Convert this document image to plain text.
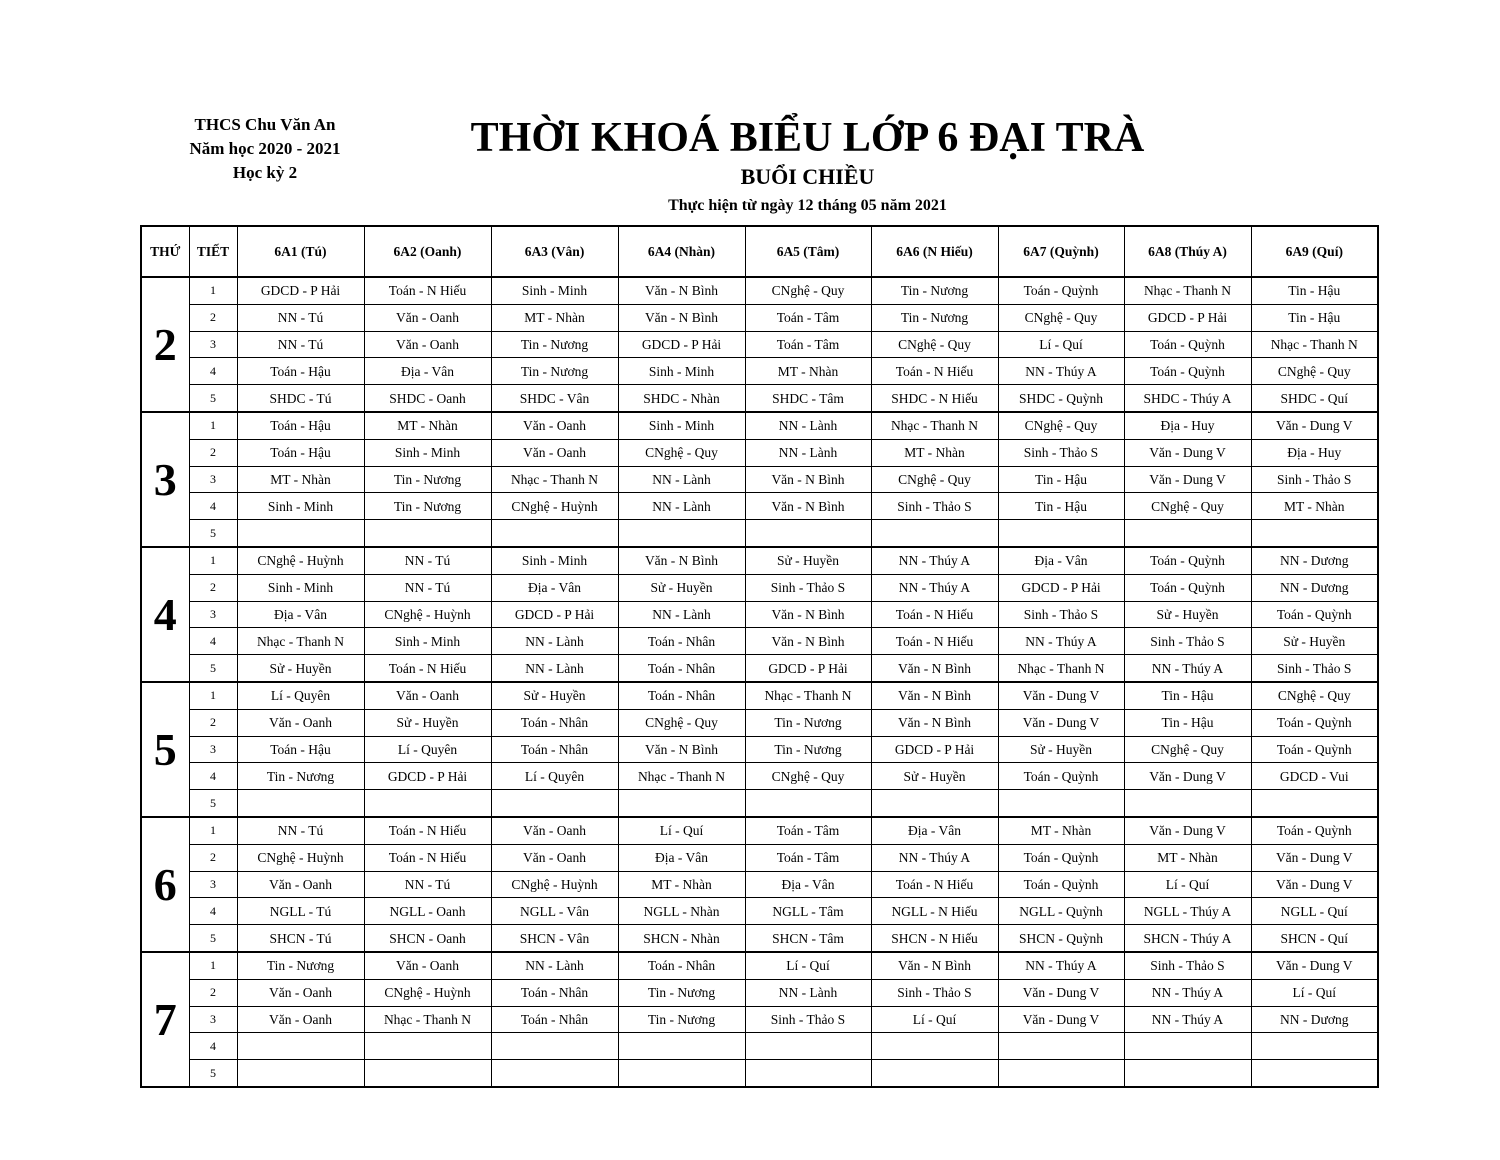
THCS Chu Văn An
Năm học 2020 - 2021
Học kỳ 2
THỜI KHOÁ BIỂU LỚP 6 ĐẠI TRÀ
BUỔI CHIỀU
Thực hiện từ ngày 12 tháng 05 năm 2021
THỨ	TIẾT	6A1 (Tú)	6A2 (Oanh)	6A3 (Vân)	6A4 (Nhàn)	6A5 (Tâm)	6A6 (N Hiếu)	6A7 (Quỳnh)	6A8 (Thúy A)	6A9 (Quí)
2	1	GDCD - P Hải	Toán - N Hiếu	Sinh - Minh	Văn - N Bình	CNghệ - Quy	Tin - Nương	Toán - Quỳnh	Nhạc - Thanh N	Tin - Hậu
	2	NN - Tú	Văn - Oanh	MT - Nhàn	Văn - N Bình	Toán - Tâm	Tin - Nương	CNghệ - Quy	GDCD - P Hải	Tin - Hậu
	3	NN - Tú	Văn - Oanh	Tin - Nương	GDCD - P Hải	Toán - Tâm	CNghệ - Quy	Lí - Quí	Toán - Quỳnh	Nhạc - Thanh N
	4	Toán - Hậu	Địa - Vân	Tin - Nương	Sinh - Minh	MT - Nhàn	Toán - N Hiếu	NN - Thúy A	Toán - Quỳnh	CNghệ - Quy
	5	SHDC - Tú	SHDC - Oanh	SHDC - Vân	SHDC - Nhàn	SHDC - Tâm	SHDC - N Hiếu	SHDC - Quỳnh	SHDC - Thúy A	SHDC - Quí
3	1	Toán - Hậu	MT - Nhàn	Văn - Oanh	Sinh - Minh	NN - Lành	Nhạc - Thanh N	CNghệ - Quy	Địa - Huy	Văn - Dung V
	2	Toán - Hậu	Sinh - Minh	Văn - Oanh	CNghệ - Quy	NN - Lành	MT - Nhàn	Sinh - Thảo S	Văn - Dung V	Địa - Huy
	3	MT - Nhàn	Tin - Nương	Nhạc - Thanh N	NN - Lành	Văn - N Bình	CNghệ - Quy	Tin - Hậu	Văn - Dung V	Sinh - Thảo S
	4	Sinh - Minh	Tin - Nương	CNghệ - Huỳnh	NN - Lành	Văn - N Bình	Sinh - Thảo S	Tin - Hậu	CNghệ - Quy	MT - Nhàn
	5									
4	1	CNghệ - Huỳnh	NN - Tú	Sinh - Minh	Văn - N Bình	Sử - Huyền	NN - Thúy A	Địa - Vân	Toán - Quỳnh	NN - Dương
	2	Sinh - Minh	NN - Tú	Địa - Vân	Sử - Huyền	Sinh - Thảo S	NN - Thúy A	GDCD - P Hải	Toán - Quỳnh	NN - Dương
	3	Địa - Vân	CNghệ - Huỳnh	GDCD - P Hải	NN - Lành	Văn - N Bình	Toán - N Hiếu	Sinh - Thảo S	Sử - Huyền	Toán - Quỳnh
	4	Nhạc - Thanh N	Sinh - Minh	NN - Lành	Toán - Nhân	Văn - N Bình	Toán - N Hiếu	NN - Thúy A	Sinh - Thảo S	Sử - Huyền
	5	Sử - Huyền	Toán - N Hiếu	NN - Lành	Toán - Nhân	GDCD - P Hải	Văn - N Bình	Nhạc - Thanh N	NN - Thúy A	Sinh - Thảo S
5	1	Lí - Quyên	Văn - Oanh	Sử - Huyền	Toán - Nhân	Nhạc - Thanh N	Văn - N Bình	Văn - Dung V	Tin - Hậu	CNghệ - Quy
	2	Văn - Oanh	Sử - Huyền	Toán - Nhân	CNghệ - Quy	Tin - Nương	Văn - N Bình	Văn - Dung V	Tin - Hậu	Toán - Quỳnh
	3	Toán - Hậu	Lí - Quyên	Toán - Nhân	Văn - N Bình	Tin - Nương	GDCD - P Hải	Sử - Huyền	CNghệ - Quy	Toán - Quỳnh
	4	Tin - Nương	GDCD - P Hải	Lí - Quyên	Nhạc - Thanh N	CNghệ - Quy	Sử - Huyền	Toán - Quỳnh	Văn - Dung V	GDCD - Vui
	5									
6	1	NN - Tú	Toán - N Hiếu	Văn - Oanh	Lí - Quí	Toán - Tâm	Địa - Vân	MT - Nhàn	Văn - Dung V	Toán - Quỳnh
	2	CNghệ - Huỳnh	Toán - N Hiếu	Văn - Oanh	Địa - Vân	Toán - Tâm	NN - Thúy A	Toán - Quỳnh	MT - Nhàn	Văn - Dung V
	3	Văn - Oanh	NN - Tú	CNghệ - Huỳnh	MT - Nhàn	Địa - Vân	Toán - N Hiếu	Toán - Quỳnh	Lí - Quí	Văn - Dung V
	4	NGLL - Tú	NGLL - Oanh	NGLL - Vân	NGLL - Nhàn	NGLL - Tâm	NGLL - N Hiếu	NGLL - Quỳnh	NGLL - Thúy A	NGLL - Quí
	5	SHCN - Tú	SHCN - Oanh	SHCN - Vân	SHCN - Nhàn	SHCN - Tâm	SHCN - N Hiếu	SHCN - Quỳnh	SHCN - Thúy A	SHCN - Quí
7	1	Tin - Nương	Văn - Oanh	NN - Lành	Toán - Nhân	Lí - Quí	Văn - N Bình	NN - Thúy A	Sinh - Thảo S	Văn - Dung V
	2	Văn - Oanh	CNghệ - Huỳnh	Toán - Nhân	Tin - Nương	NN - Lành	Sinh - Thảo S	Văn - Dung V	NN - Thúy A	Lí - Quí
	3	Văn - Oanh	Nhạc - Thanh N	Toán - Nhân	Tin - Nương	Sinh - Thảo S	Lí - Quí	Văn - Dung V	NN - Thúy A	NN - Dương
	4									
	5									
